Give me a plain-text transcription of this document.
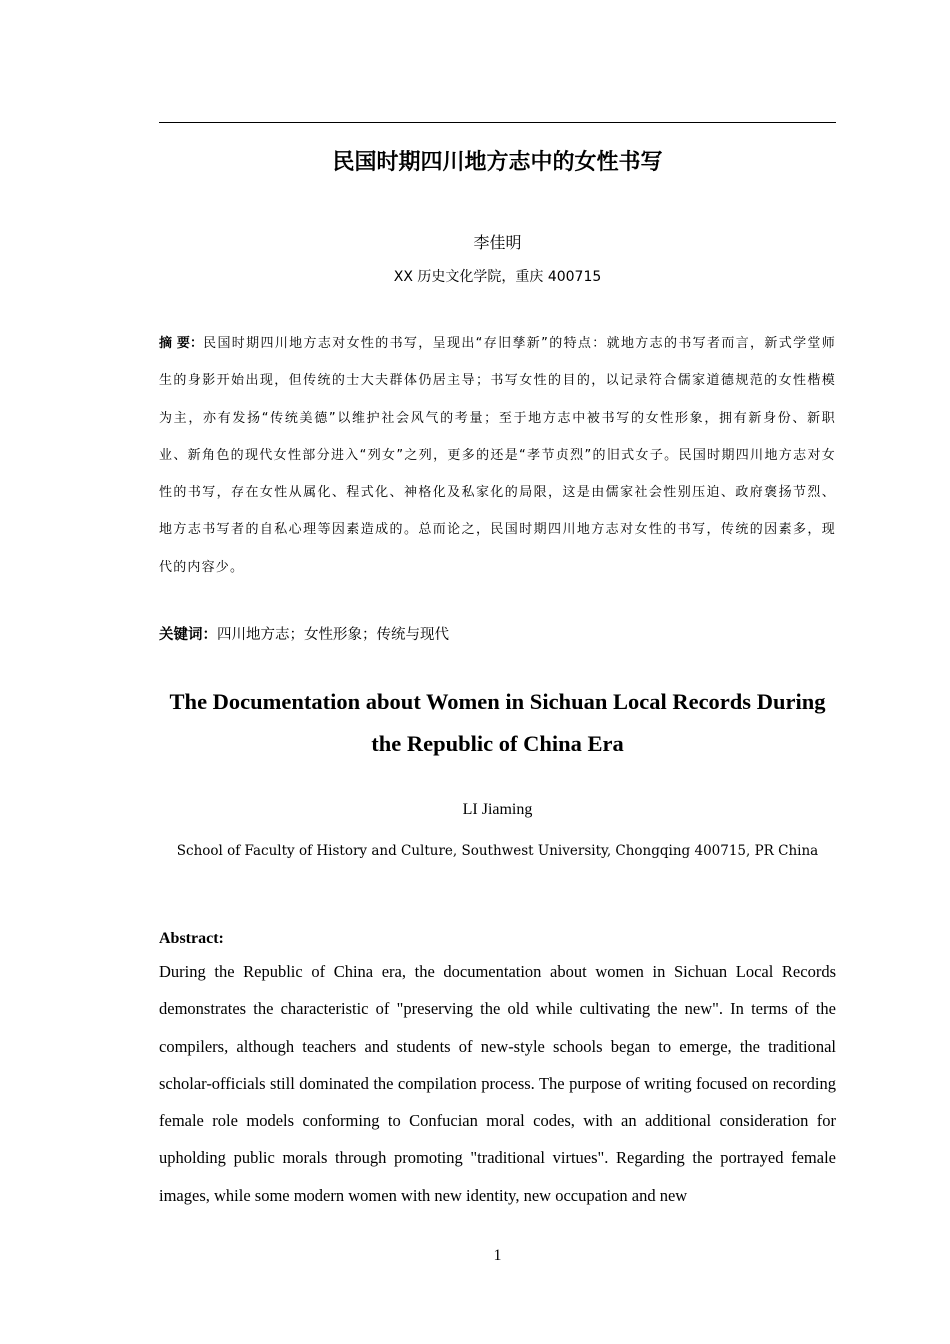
民国时期四川地方志中的女性书写
李佳明
XX 历史文化学院，重庆 400715

摘 要：民国时期四川地方志对女性的书写，呈现出“存旧孳新”的特点：就地方志的书写者而言，新式学堂师生的身影开始出现，但传统的士大夫群体仍居主导；书写女性的目的，以记录符合儒家道德规范的女性楷模为主，亦有发扬“传统美德”以维护社会风气的考量；至于地方志中被书写的女性形象，拥有新身份、新职业、新角色的现代女性部分进入“列女”之列，更多的还是“孝节贞烈”的旧式女子。民国时期四川地方志对女性的书写，存在女性从属化、程式化、神格化及私家化的局限，这是由儒家社会性别压迫、政府褒扬节烈、地方志书写者的自私心理等因素造成的。总而论之，民国时期四川地方志对女性的书写，传统的因素多，现代的内容少。

关键词：四川地方志；女性形象；传统与现代
The Documentation about Women in Sichuan Local Records During the Republic of China Era
LI Jiaming
School of Faculty of History and Culture, Southwest University, Chongqing 400715, PR China
Abstract:

During the Republic of China era, the documentation about women in Sichuan Local Records demonstrates the characteristic of "preserving the old while cultivating the new". In terms of the compilers, although teachers and students of new-style schools began to emerge, the traditional scholar-officials still dominated the compilation process. The purpose of writing focused on recording female role models conforming to Confucian moral codes, with an additional consideration for upholding public morals through promoting "traditional virtues". Regarding the portrayed female images, while some modern women with new identity, new occupation and new

1
